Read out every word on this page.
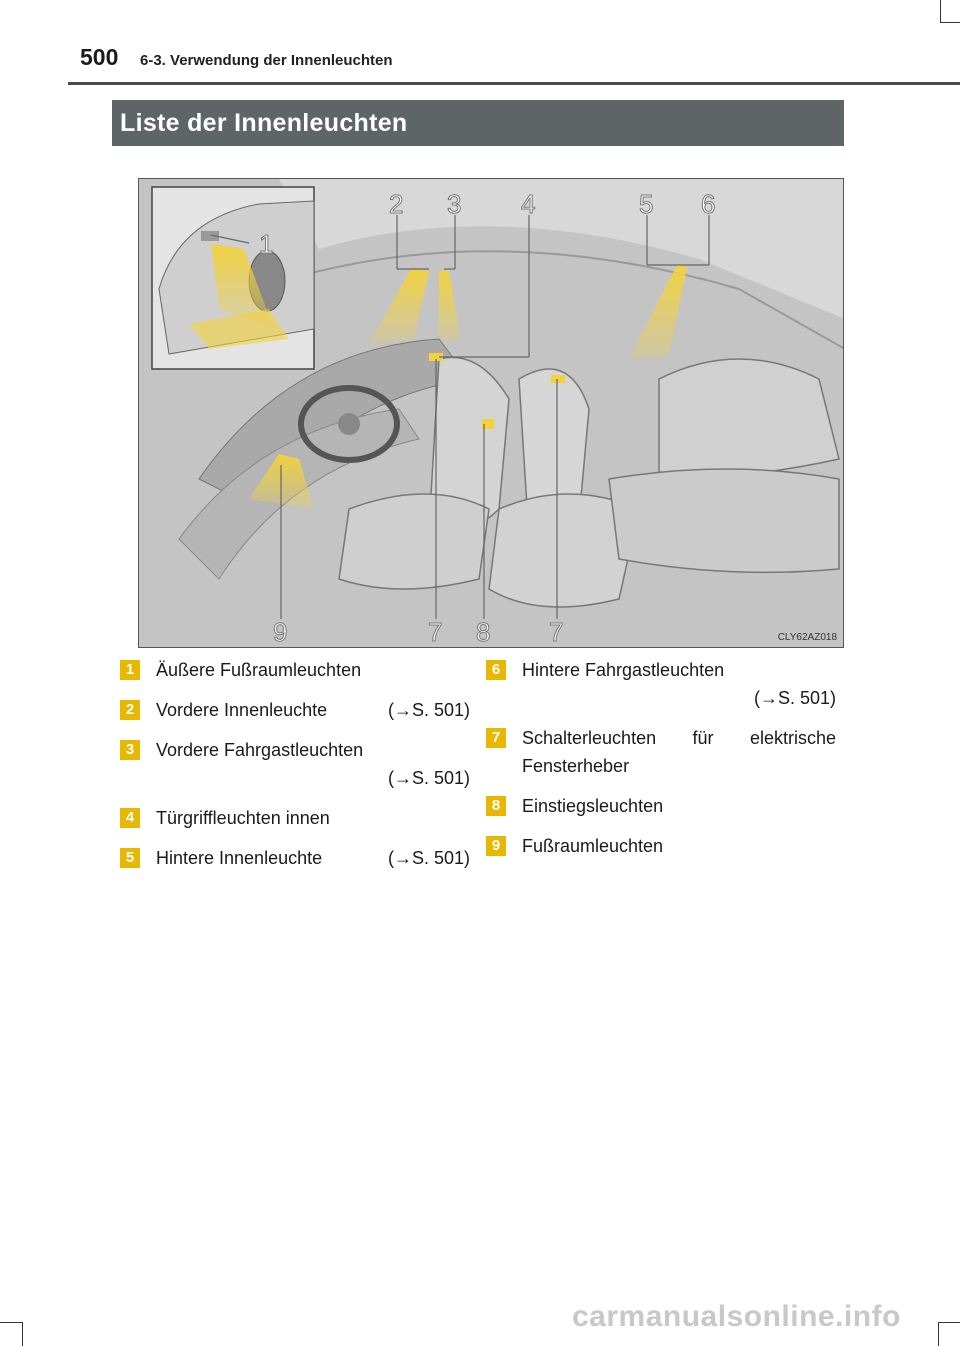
500 6-3. Verwendung der Innenleuchten
Liste der Innenleuchten
1
2 3 4	5 6
7	7
8
9	CLY62AZ018
1	Äußere Fußraumleuchten
2	Vordere Innenleuchte	(→S. 501)
3	Vordere Fahrgastleuchten
(→S. 501)
4	Türgriffleuchten innen
5	Hintere Innenleuchte	(→S. 501)
6	Hintere Fahrgastleuchten
(→S. 501)
7	Schalterleuchten für elektrische Fensterheber
8	Einstiegsleuchten
9	Fußraumleuchten
carmanualsonline.info
